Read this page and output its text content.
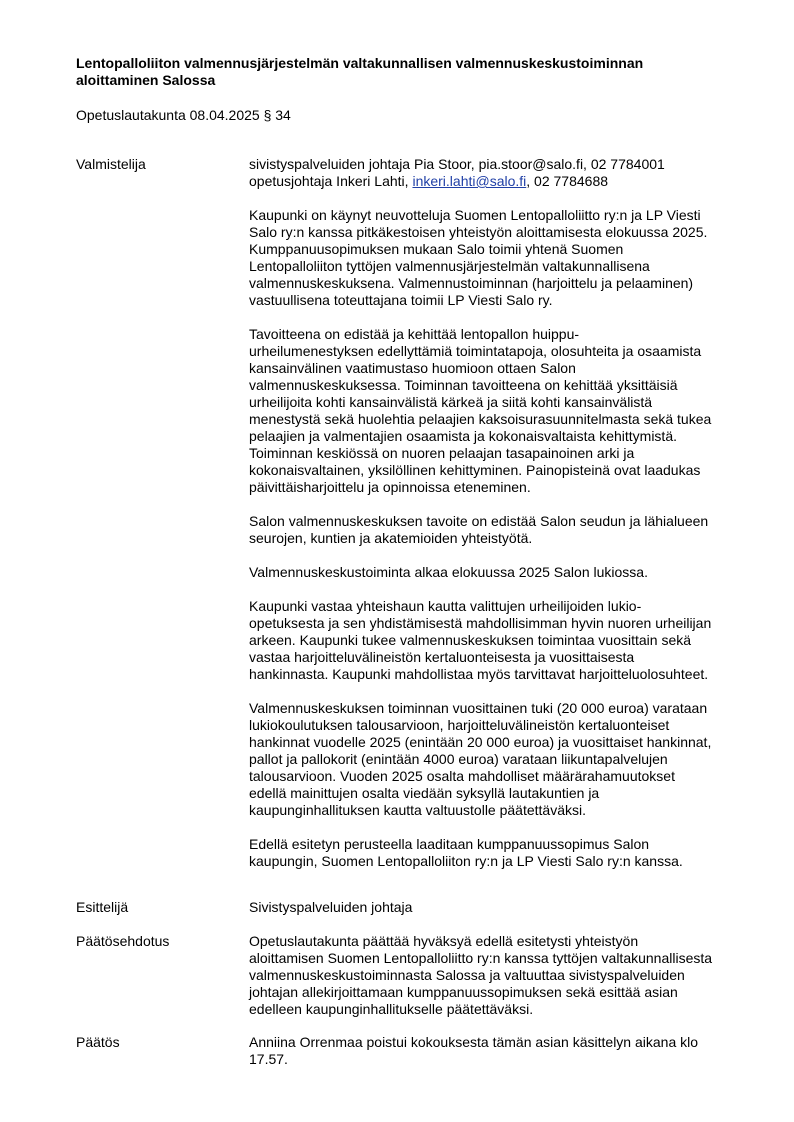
Lentopalloliiton valmennusjärjestelmän valtakunnallisen valmennuskeskustoiminnan
aloittaminen Salossa

Opetuslautakunta 08.04.2025 § 34

Valmistelija	sivistyspalveluiden johtaja Pia Stoor, pia.stoor@salo.fi, 02 7784001
opetusjohtaja Inkeri Lahti, inkeri.lahti@salo.fi, 02 7784688

Kaupunki on käynyt neuvotteluja Suomen Lentopalloliitto ry:n ja LP Viesti
Salo ry:n kanssa pitkäkestoisen yhteistyön aloittamisesta elokuussa 2025.
Kumppanuusopimuksen mukaan Salo toimii yhtenä Suomen
Lentopalloliiton tyttöjen valmennusjärjestelmän valtakunnallisena
valmennuskeskuksena. Valmennustoiminnan (harjoittelu ja pelaaminen)
vastuullisena toteuttajana toimii LP Viesti Salo ry.

Tavoitteena on edistää ja kehittää lentopallon huippu-
urheilumenestyksen edellyttämiä toimintatapoja, olosuhteita ja osaamista
kansainvälinen vaatimustaso huomioon ottaen Salon
valmennuskeskuksessa. Toiminnan tavoitteena on kehittää yksittäisiä
urheilijoita kohti kansainvälistä kärkeä ja siitä kohti kansainvälistä
menestystä sekä huolehtia pelaajien kaksoisurasuunnitelmasta sekä tukea
pelaajien ja valmentajien osaamista ja kokonaisvaltaista kehittymistä.
Toiminnan keskiössä on nuoren pelaajan tasapainoinen arki ja
kokonaisvaltainen, yksilöllinen kehittyminen. Painopisteinä ovat laadukas
päivittäisharjoittelu ja opinnoissa eteneminen.

Salon valmennuskeskuksen tavoite on edistää Salon seudun ja lähialueen
seurojen, kuntien ja akatemioiden yhteistyötä.

Valmennuskeskustoiminta alkaa elokuussa 2025 Salon lukiossa.

Kaupunki vastaa yhteishaun kautta valittujen urheilijoiden lukio-
opetuksesta ja sen yhdistämisestä mahdollisimman hyvin nuoren urheilijan
arkeen. Kaupunki tukee valmennuskeskuksen toimintaa vuosittain sekä
vastaa harjoitteluvälineistön kertaluonteisesta ja vuosittaisesta
hankinnasta. Kaupunki mahdollistaa myös tarvittavat harjoitteluolosuhteet.

Valmennuskeskuksen toiminnan vuosittainen tuki (20 000 euroa) varataan
lukiokoulutuksen talousarvioon, harjoitteluvälineistön kertaluonteiset
hankinnat vuodelle 2025 (enintään 20 000 euroa) ja vuosittaiset hankinnat,
pallot ja pallokorit (enintään 4000 euroa) varataan liikuntapalvelujen
talousarvioon. Vuoden 2025 osalta mahdolliset määrärahamuutokset
edellä mainittujen osalta viedään syksyllä lautakuntien ja
kaupunginhallituksen kautta valtuustolle päätettäväksi.

Edellä esitetyn perusteella laaditaan kumppanuussopimus Salon
kaupungin, Suomen Lentopalloliiton ry:n ja LP Viesti Salo ry:n kanssa.

Esittelijä	Sivistyspalveluiden johtaja
Päätösehdotus	Opetuslautakunta päättää hyväksyä edellä esitetysti yhteistyön
aloittamisen Suomen Lentopalloliitto ry:n kanssa tyttöjen valtakunnallisesta
valmennuskeskustoiminnasta Salossa ja valtuuttaa sivistyspalveluiden
johtajan allekirjoittamaan kumppanuussopimuksen sekä esittää asian
edelleen kaupunginhallitukselle päätettäväksi.
Päätös	Anniina Orrenmaa poistui kokouksesta tämän asian käsittelyn aikana klo
17.57.
